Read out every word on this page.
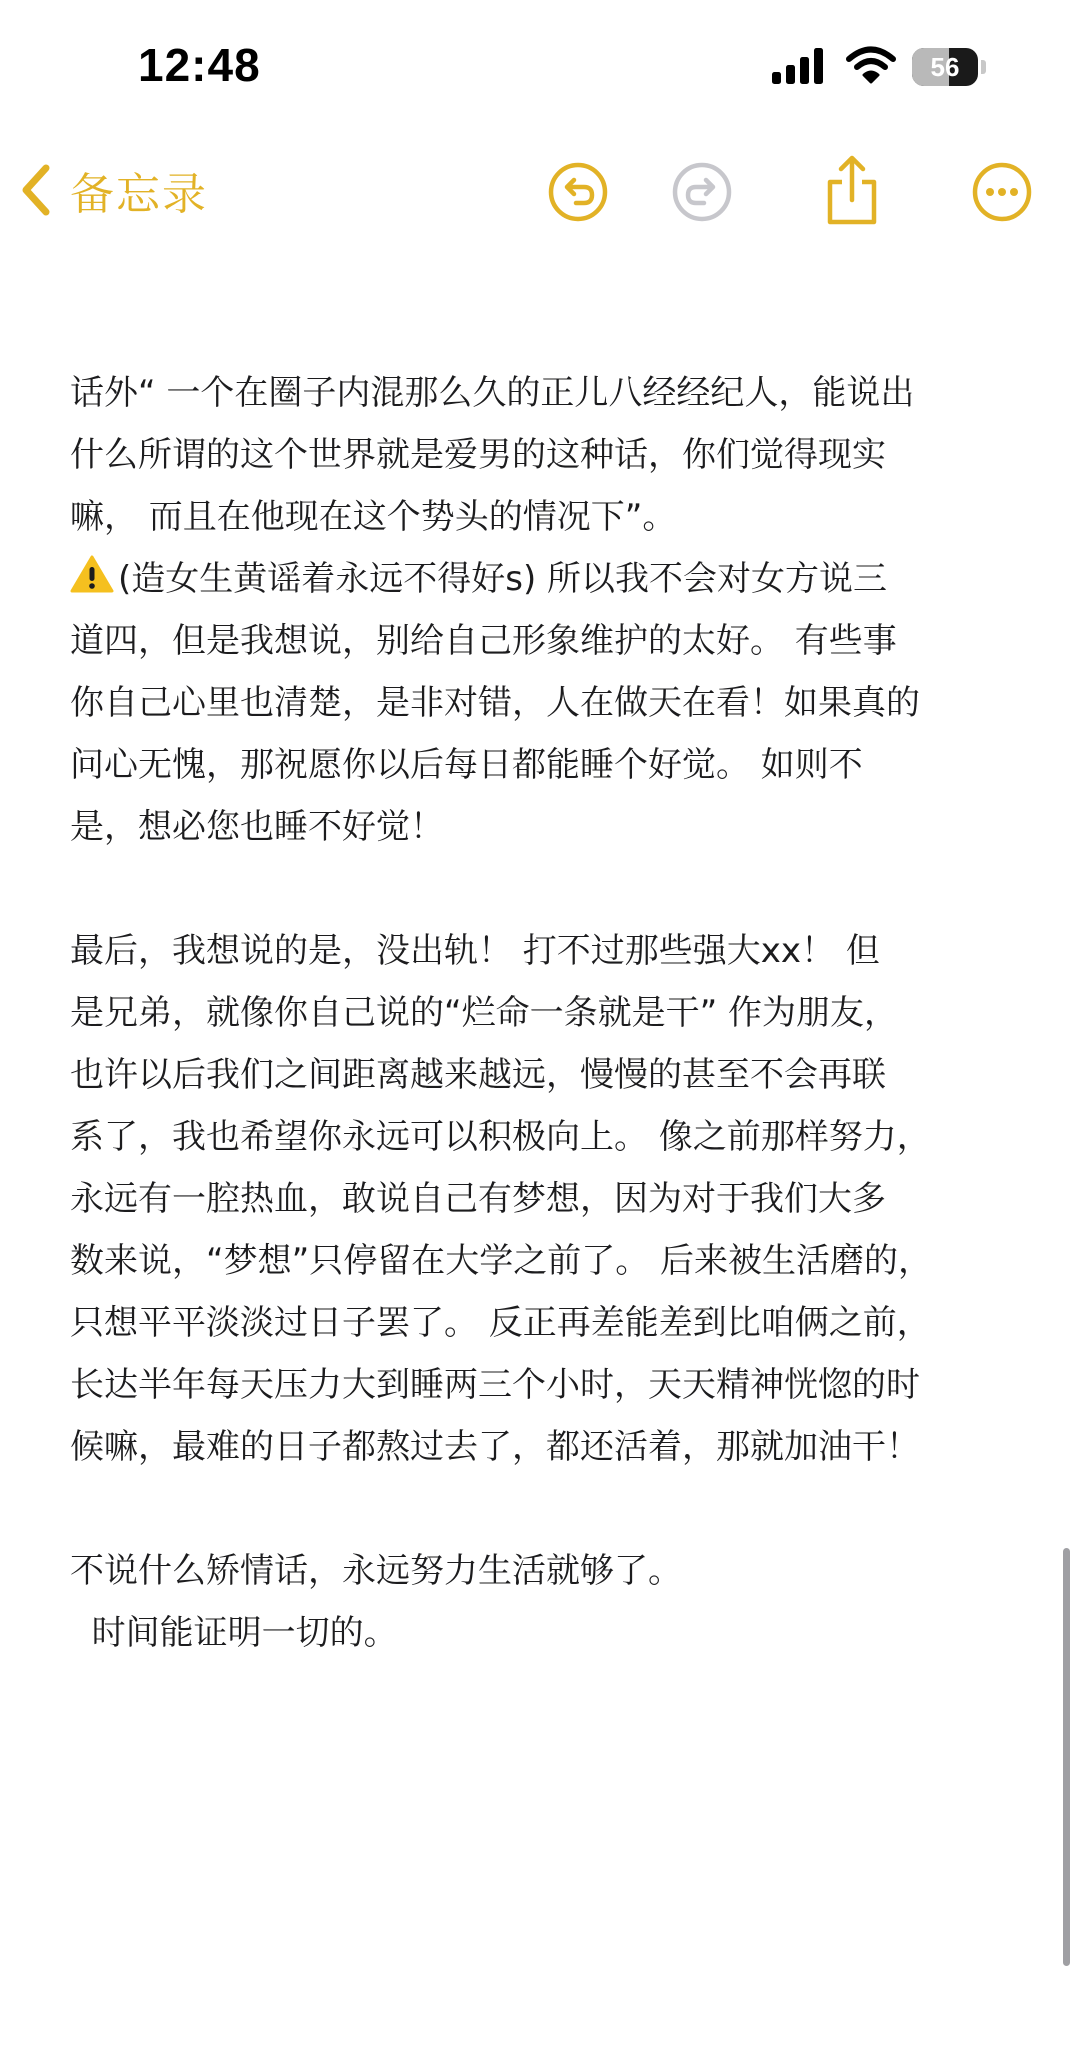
12:48	56
备忘录

话外“ 一个在圈子内混那么久的正儿八经经纪人，能说出

什么所谓的这个世界就是爱男的这种话，你们觉得现实

嘛， 而且在他现在这个势头的情况下”。

(造女生黄谣着永远不得好s) 所以我不会对女方说三

道四，但是我想说，别给自己形象维护的太好。 有些事

你自己心里也清楚，是非对错，人在做天在看！如果真的

问心无愧，那祝愿你以后每日都能睡个好觉。 如则不

是，想必您也睡不好觉！

最后，我想说的是，没出轨！ 打不过那些强大xx！ 但

是兄弟，就像你自己说的“烂命一条就是干” 作为朋友，

也许以后我们之间距离越来越远，慢慢的甚至不会再联

系了，我也希望你永远可以积极向上。 像之前那样努力，

永远有一腔热血，敢说自己有梦想，因为对于我们大多

数来说，“梦想”只停留在大学之前了。 后来被生活磨的，

只想平平淡淡过日子罢了。 反正再差能差到比咱俩之前，

长达半年每天压力大到睡两三个小时，天天精神恍惚的时

候嘛，最难的日子都熬过去了，都还活着，那就加油干！

不说什么矫情话，永远努力生活就够了。

时间能证明一切的。
